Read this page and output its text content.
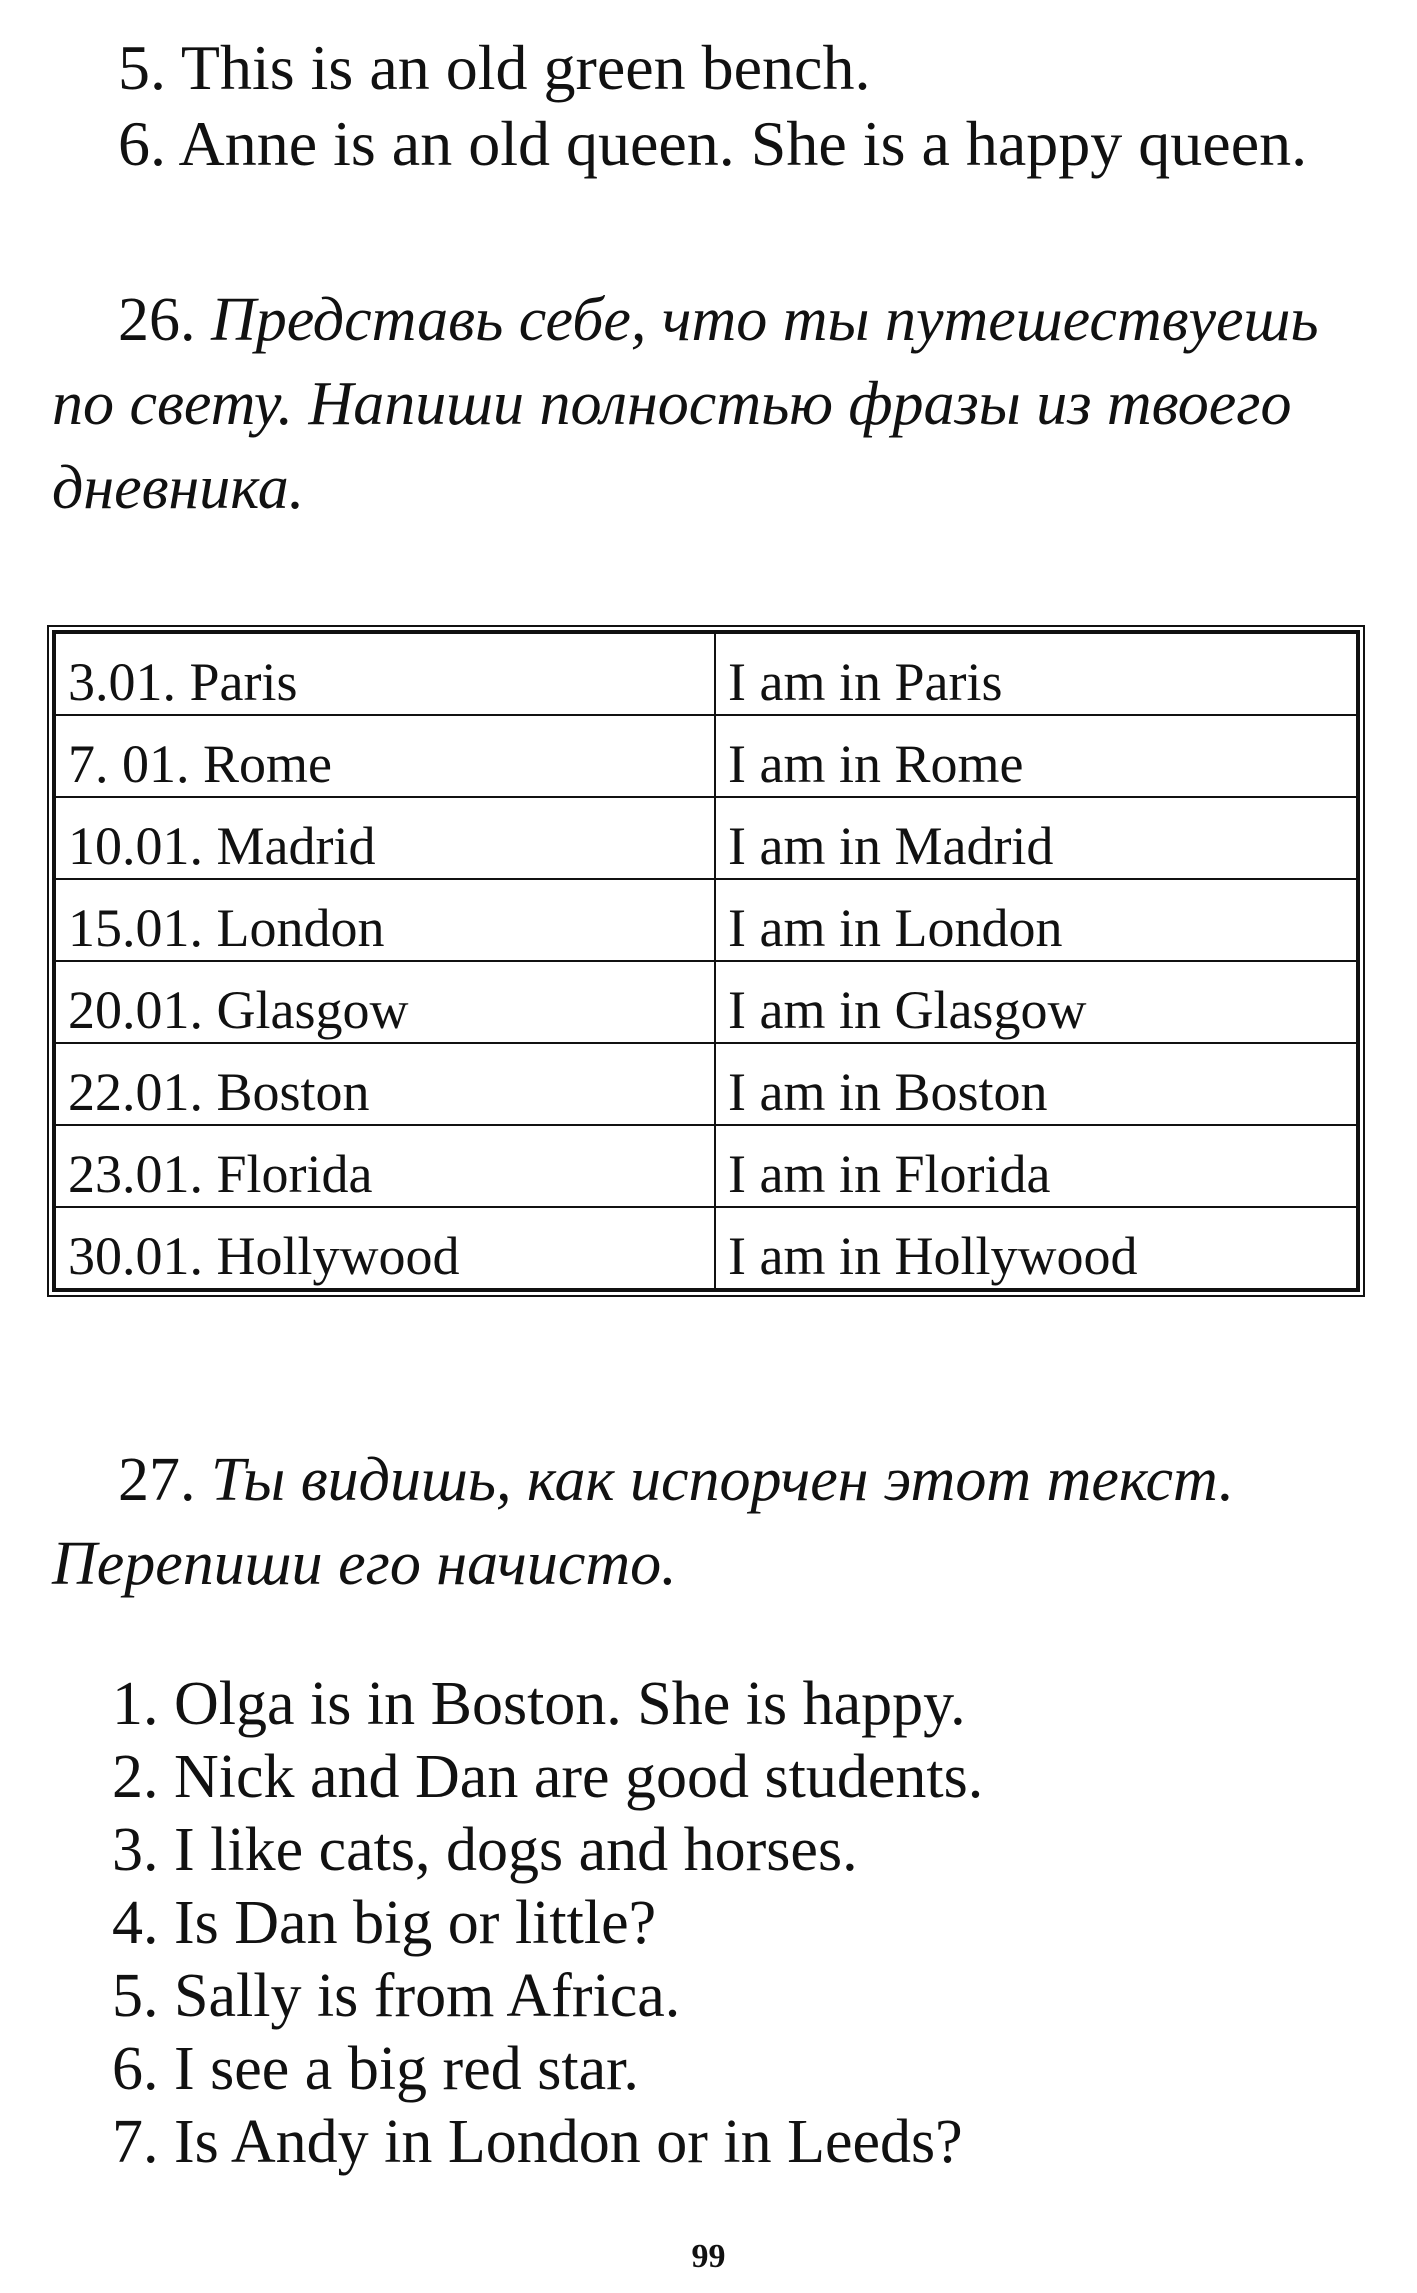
5. This is an old green bench.
6. Anne is an old queen. She is a happy queen.
26. Представь себе, что ты путешествуешь
по свету. Напиши полностью фразы из твоего
дневника.
3.01. Paris	I am in Paris
7. 01. Rome	I am in Rome
10.01. Madrid	I am in Madrid
15.01. London	I am in London
20.01. Glasgow	I am in Glasgow
22.01. Boston	I am in Boston
23.01. Florida	I am in Florida
30.01. Hollywood	I am in Hollywood
27. Ты видишь, как испорчен этот текст.
Перепиши его начисто.
1. Olga is in Boston. She is happy.
2. Nick and Dan are good students.
3. I like cats, dogs and horses.
4. Is Dan big or little?
5. Sally is from Africa.
6. I see a big red star.
7. Is Andy in London or in Leeds?
99
